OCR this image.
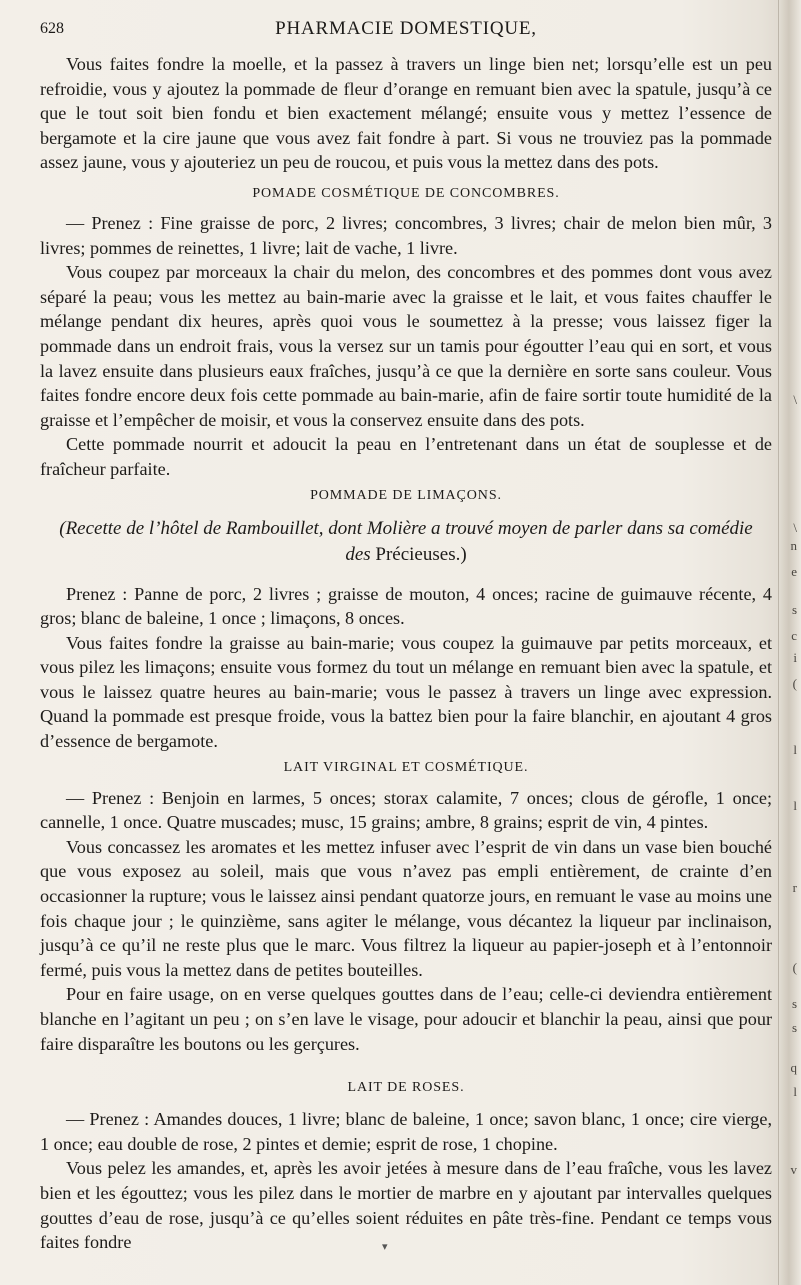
\
\
n
e
s
c
i
(
l
l
r
(
s
s
q
l
v
628	PHARMACIE DOMESTIQUE,

Vous faites fondre la moelle, et la passez à travers un linge bien net; lorsqu’elle est un peu refroidie, vous y ajoutez la pommade de fleur d’orange en remuant bien avec la spatule, jusqu’à ce que le tout soit bien fondu et bien exactement mélangé; ensuite vous y mettez l’essence de bergamote et la cire jaune que vous avez fait fondre à part. Si vous ne trouviez pas la pommade assez jaune, vous y ajouteriez un peu de roucou, et puis vous la mettez dans des pots.

POMADE COSMÉTIQUE DE CONCOMBRES.

— Prenez : Fine graisse de porc, 2 livres; concombres, 3 livres; chair de melon bien mûr, 3 livres; pommes de reinettes, 1 livre; lait de vache, 1 livre.

Vous coupez par morceaux la chair du melon, des concombres et des pommes dont vous avez séparé la peau; vous les mettez au bain-marie avec la graisse et le lait, et vous faites chauffer le mélange pendant dix heures, après quoi vous le soumettez à la presse; vous laissez figer la pommade dans un endroit frais, vous la versez sur un tamis pour égoutter l’eau qui en sort, et vous la lavez ensuite dans plusieurs eaux fraîches, jusqu’à ce que la dernière en sorte sans couleur. Vous faites fondre encore deux fois cette pommade au bain-marie, afin de faire sortir toute humidité de la graisse et l’empêcher de moisir, et vous la conservez ensuite dans des pots.

Cette pommade nourrit et adoucit la peau en l’entretenant dans un état de souplesse et de fraîcheur parfaite.

POMMADE DE LIMAÇONS.
(Recette de l’hôtel de Rambouillet, dont Molière a trouvé moyen de parler dans sa comédie des Précieuses.)

Prenez : Panne de porc, 2 livres ; graisse de mouton, 4 onces; racine de guimauve récente, 4 gros; blanc de baleine, 1 once ; limaçons, 8 onces.

Vous faites fondre la graisse au bain-marie; vous coupez la guimauve par petits morceaux, et vous pilez les limaçons; ensuite vous formez du tout un mélange en remuant bien avec la spatule, et vous le laissez quatre heures au bain-marie; vous le passez à travers un linge avec expression. Quand la pommade est presque froide, vous la battez bien pour la faire blanchir, en ajoutant 4 gros d’essence de bergamote.

LAIT VIRGINAL ET COSMÉTIQUE.

— Prenez : Benjoin en larmes, 5 onces; storax calamite, 7 onces; clous de gérofle, 1 once; cannelle, 1 once. Quatre muscades; musc, 15 grains; ambre, 8 grains; esprit de vin, 4 pintes.

Vous concassez les aromates et les mettez infuser avec l’esprit de vin dans un vase bien bouché que vous exposez au soleil, mais que vous n’avez pas empli entièrement, de crainte d’en occasionner la rupture; vous le laissez ainsi pendant quatorze jours, en remuant le vase au moins une fois chaque jour ; le quinzième, sans agiter le mélange, vous décantez la liqueur par inclinaison, jusqu’à ce qu’il ne reste plus que le marc. Vous filtrez la liqueur au papier-joseph et à l’entonnoir fermé, puis vous la mettez dans de petites bouteilles.

Pour en faire usage, on en verse quelques gouttes dans de l’eau; celle-ci deviendra entièrement blanche en l’agitant un peu ; on s’en lave le visage, pour adoucir et blanchir la peau, ainsi que pour faire disparaître les boutons ou les gerçures.

LAIT DE ROSES.

— Prenez : Amandes douces, 1 livre; blanc de baleine, 1 once; savon blanc, 1 once; cire vierge, 1 once; eau double de rose, 2 pintes et demie; esprit de rose, 1 chopine.

Vous pelez les amandes, et, après les avoir jetées à mesure dans de l’eau fraîche, vous les lavez bien et les égouttez; vous les pilez dans le mortier de marbre en y ajoutant par intervalles quelques gouttes d’eau de rose, jusqu’à ce qu’elles soient réduites en pâte très-fine. Pendant ce temps vous faites fondre	▾
